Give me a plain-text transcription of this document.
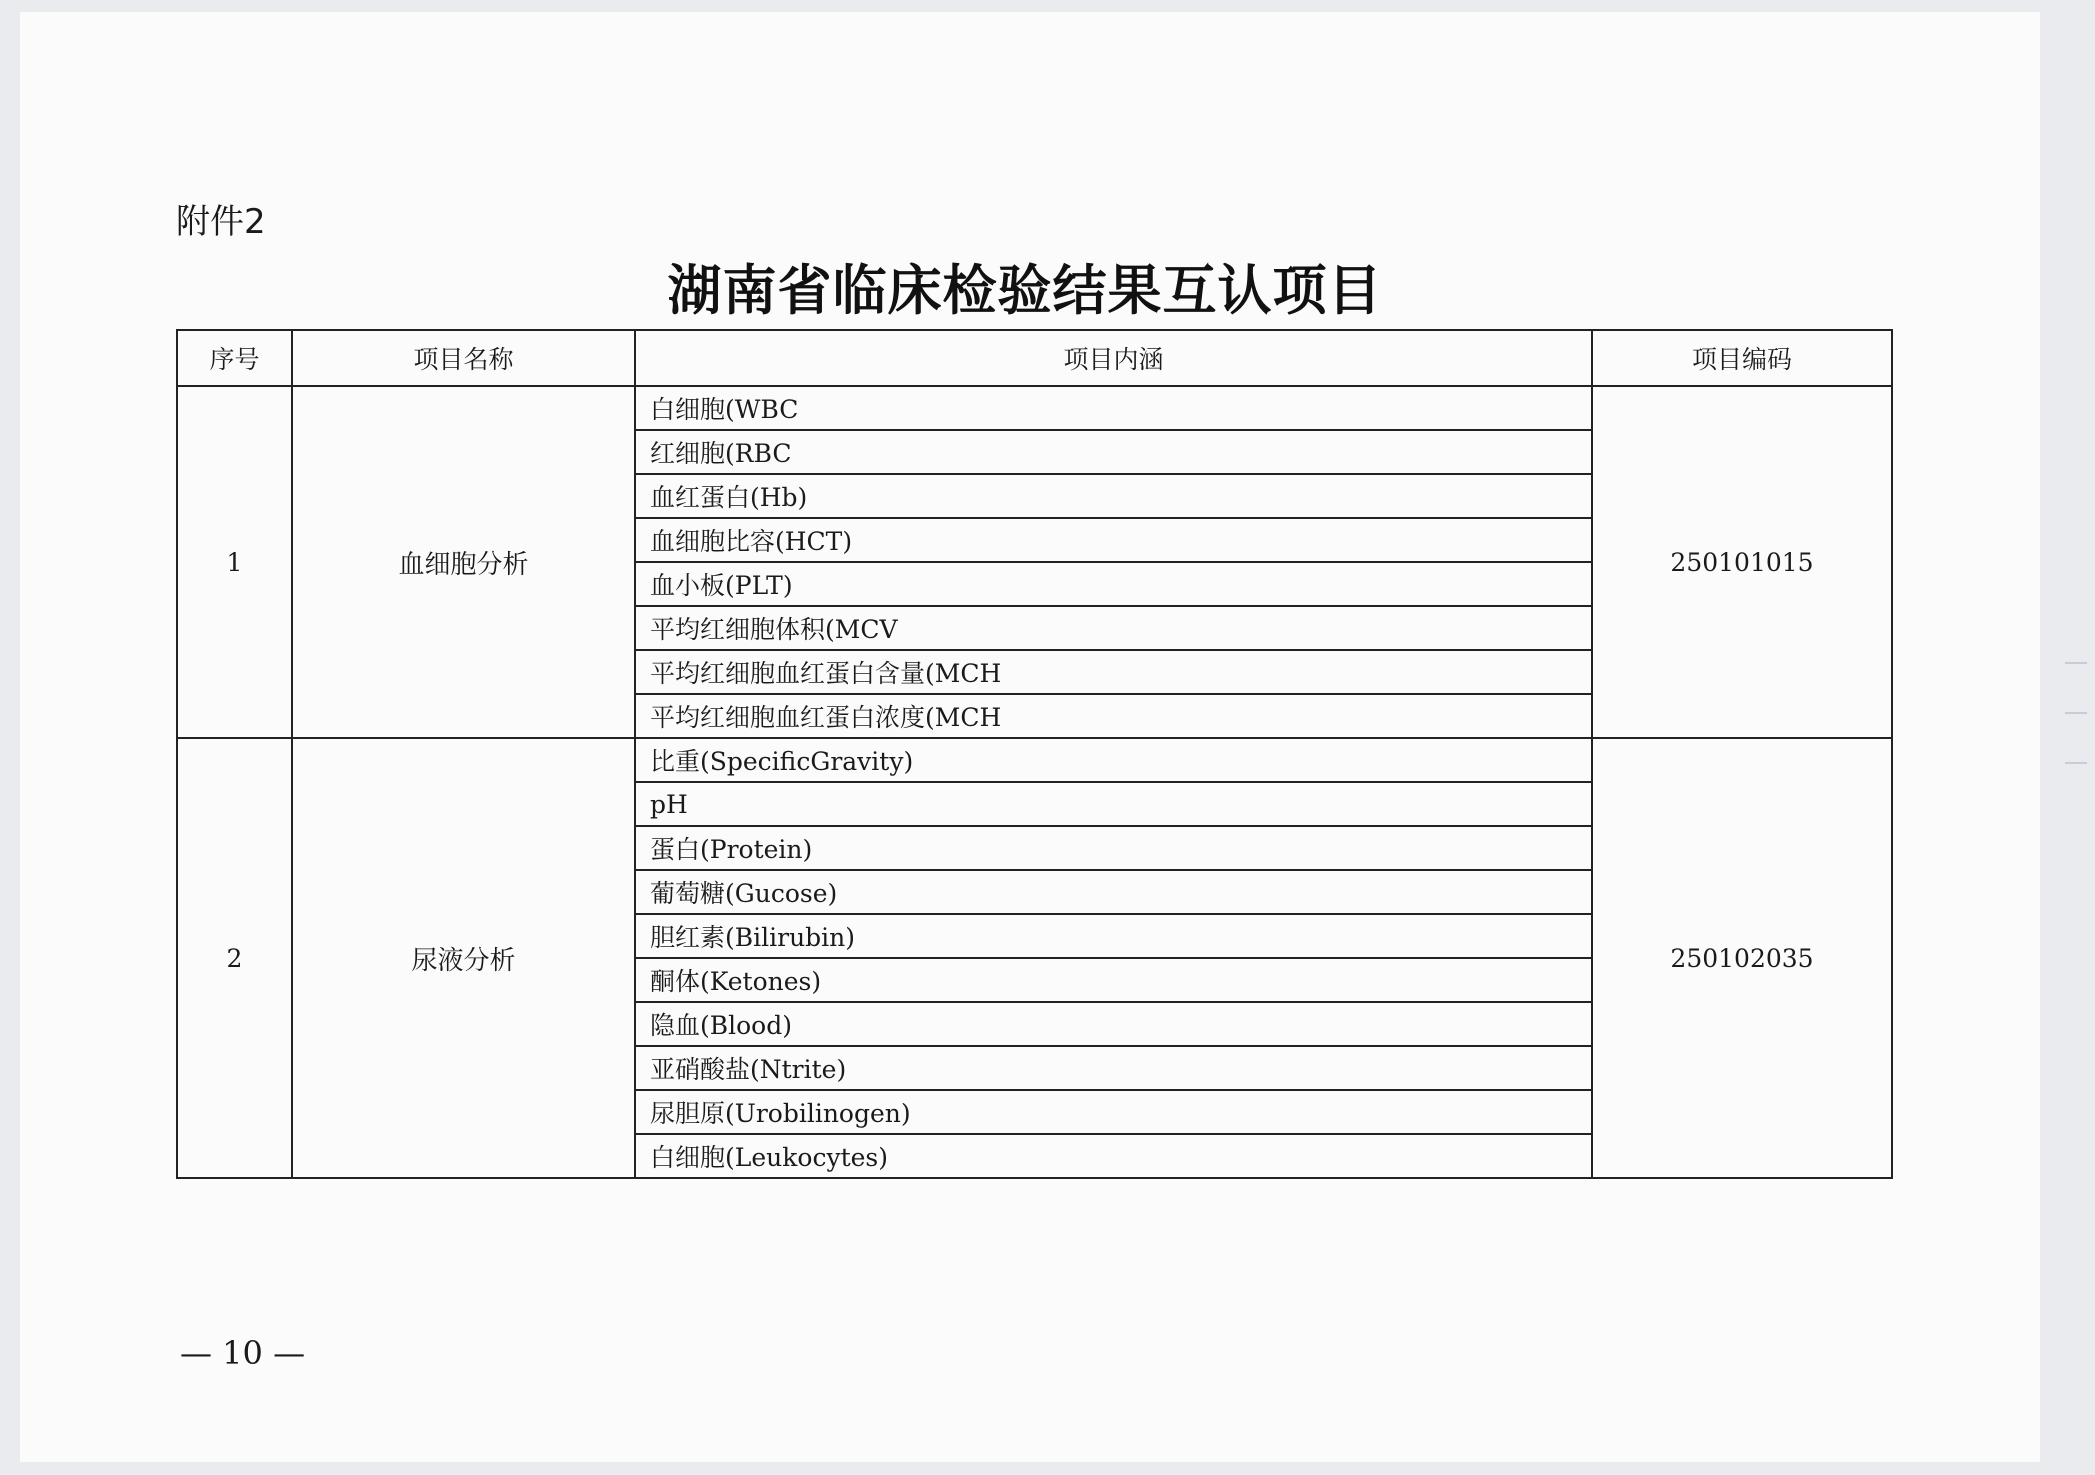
附件2
湖南省临床检验结果互认项目
序号	项目名称	项目内涵	项目编码
1	血细胞分析	白细胞(WBC	250101015
		红细胞(RBC	
		血红蛋白(Hb)	
		血细胞比容(HCT)	
		血小板(PLT)	
		平均红细胞体积(MCV	
		平均红细胞血红蛋白含量(MCH	
		平均红细胞血红蛋白浓度(MCH	
2	尿液分析	比重(SpecificGravity)	250102035
		pH	
		蛋白(Protein)	
		葡萄糖(Gucose)	
		胆红素(Bilirubin)	
		酮体(Ketones)	
		隐血(Blood)	
		亚硝酸盐(Ntrite)	
		尿胆原(Urobilinogen)	
		白细胞(Leukocytes)	
— 10 —
